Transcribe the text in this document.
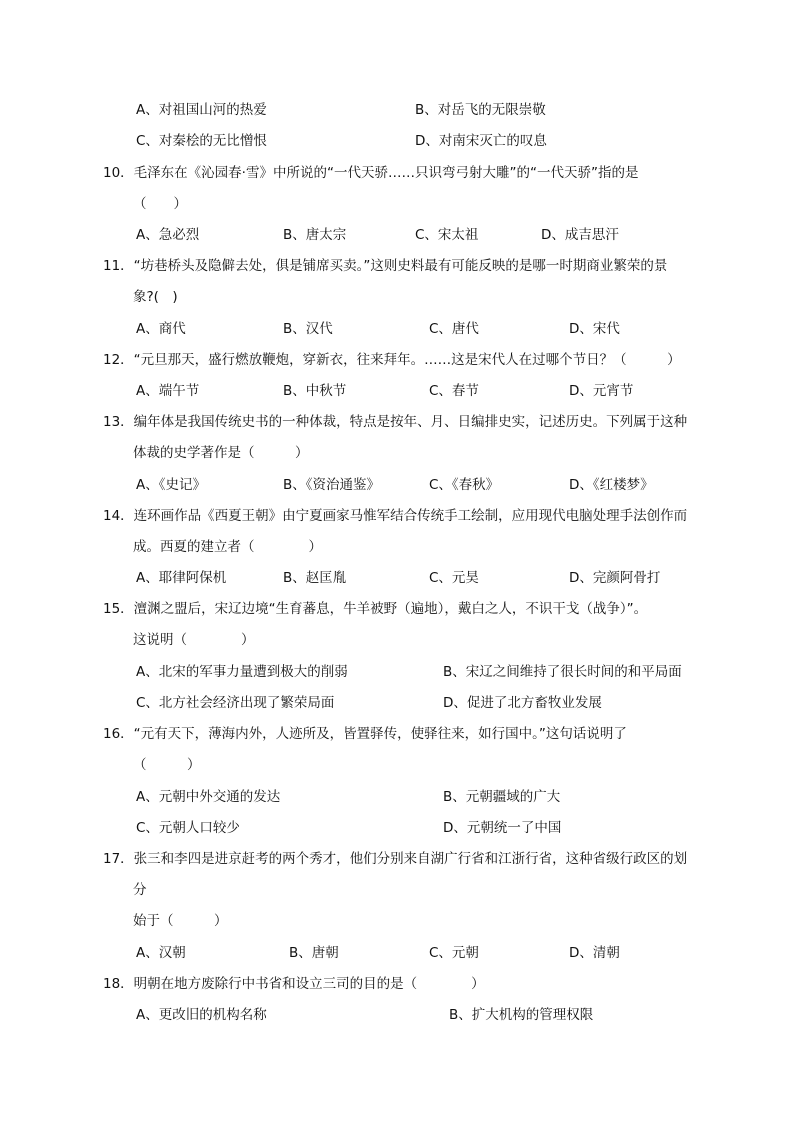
A、对祖国山河的热爱	B、对岳飞的无限崇敬
C、对秦桧的无比憎恨	D、对南宋灭亡的叹息
10．毛泽东在《沁园春·雪》中所说的“一代天骄……只识弯弓射大雕”的“一代天骄”指的是
（　　）
A、急必烈	B、唐太宗	C、宋太祖	D、成吉思汗
11．“坊巷桥头及隐僻去处，俱是铺席买卖。”这则史料最有可能反映的是哪一时期商业繁荣的景
象?(　)
A、商代	B、汉代	C、唐代	D、宋代
12．“元旦那天，盛行燃放鞭炮，穿新衣，往来拜年。……这是宋代人在过哪个节日？（　　　）
A、端午节	B、中秋节	C、春节	D、元宵节
13．编年体是我国传统史书的一种体裁，特点是按年、月、日编排史实，记述历史。下列属于这种
体裁的史学著作是（　　　）
A、《史记》	B、《资治通鉴》	C、《春秋》	D、《红楼梦》
14．连环画作品《西夏王朝》由宁夏画家马惟军结合传统手工绘制，应用现代电脑处理手法创作而
成。西夏的建立者（　　　　）
A、耶律阿保机	B、赵匡胤	C、元昊	D、完颜阿骨打
15．澶渊之盟后，宋辽边境“生育蕃息，牛羊被野（遍地），戴白之人，不识干戈（战争）”。
这说明（　　　　）
A、北宋的军事力量遭到极大的削弱	B、宋辽之间维持了很长时间的和平局面
C、北方社会经济出现了繁荣局面	D、促进了北方畜牧业发展
16．“元有天下，薄海内外，人迹所及，皆置驿传，使驿往来，如行国中。”这句话说明了
（　　　）
A、元朝中外交通的发达	B、元朝疆域的广大
C、元朝人口较少	D、元朝统一了中国
17．张三和李四是进京赶考的两个秀才，他们分别来自湖广行省和江浙行省，这种省级行政区的划
分
始于（　　　）
A、汉朝	B、唐朝	C、元朝	D、清朝
18．明朝在地方废除行中书省和设立三司的目的是（　　　　）
A、更改旧的机构名称	B、扩大机构的管理权限
